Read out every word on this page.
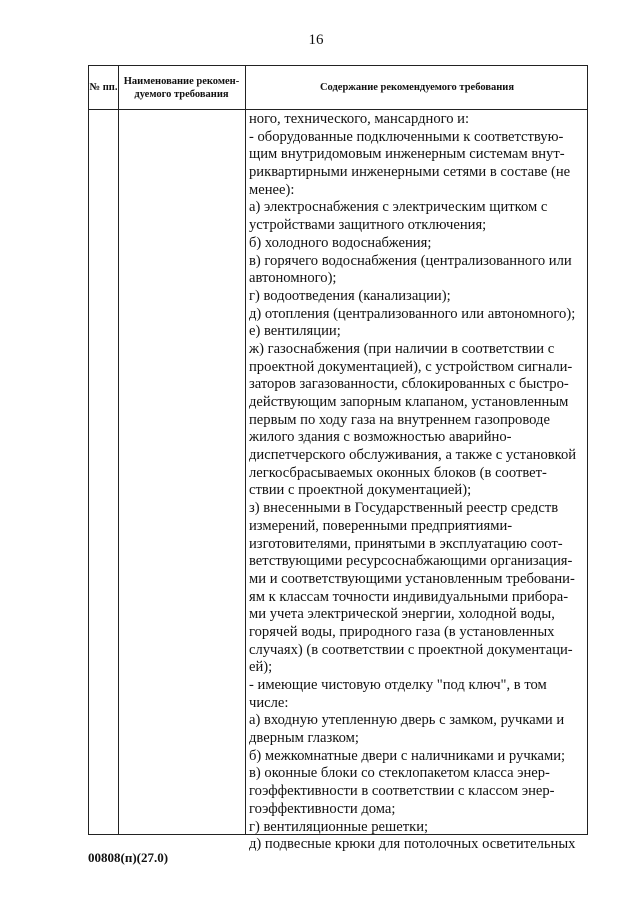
16
№ пп.
Наименование рекомен- дуемого требования
Содержание рекомендуемого требования
ного, технического, мансардного и:
- оборудованные подключенными к соответствую-
щим внутридомовым инженерным системам внут-
риквартирными инженерными сетями в составе (не
менее):
а) электроснабжения с электрическим щитком с
устройствами защитного отключения;
б) холодного водоснабжения;
в) горячего водоснабжения (централизованного или
автономного);
г) водоотведения (канализации);
д) отопления (централизованного или автономного);
е) вентиляции;
ж) газоснабжения (при наличии в соответствии с
проектной документацией), с устройством сигнали-
заторов загазованности, сблокированных с быстро-
действующим запорным клапаном, установленным
первым по ходу газа на внутреннем газопроводе
жилого здания с возможностью аварийно-
диспетчерского обслуживания, а также с установкой
легкосбрасываемых оконных блоков (в соответ-
ствии с проектной документацией);
з) внесенными в Государственный реестр средств
измерений, поверенными предприятиями-
изготовителями, принятыми в эксплуатацию соот-
ветствующими ресурсоснабжающими организация-
ми и соответствующими установленным требовани-
ям к классам точности индивидуальными прибора-
ми учета электрической энергии, холодной воды,
горячей воды, природного газа (в установленных
случаях) (в соответствии с проектной документаци-
ей);
- имеющие чистовую отделку "под ключ", в том
числе:
а) входную утепленную дверь с замком, ручками и
дверным глазком;
б) межкомнатные двери с наличниками и ручками;
в) оконные блоки со стеклопакетом класса энер-
гоэффективности в соответствии с классом энер-
гоэффективности дома;
г) вентиляционные решетки;
д) подвесные крюки для потолочных осветительных
00808(п)(27.0)
